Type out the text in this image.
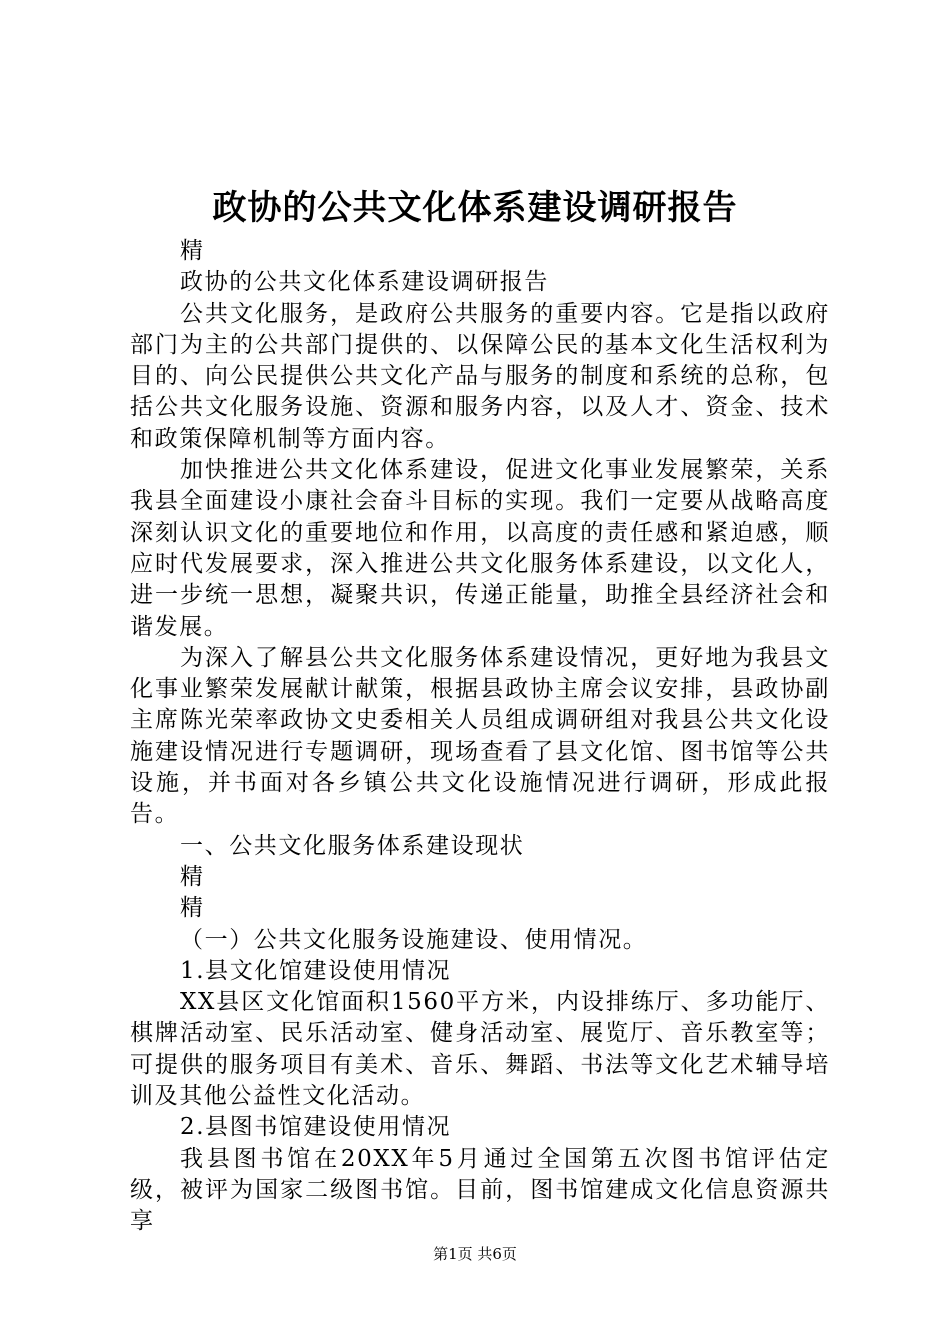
政协的公共文化体系建设调研报告

精

政协的公共文化体系建设调研报告

公共文化服务，是政府公共服务的重要内容。它是指以政府部门为主的公共部门提供的、以保障公民的基本文化生活权利为目的、向公民提供公共文化产品与服务的制度和系统的总称，包括公共文化服务设施、资源和服务内容，以及人才、资金、技术和政策保障机制等方面内容。

加快推进公共文化体系建设，促进文化事业发展繁荣，关系我县全面建设小康社会奋斗目标的实现。我们一定要从战略高度深刻认识文化的重要地位和作用，以高度的责任感和紧迫感，顺应时代发展要求，深入推进公共文化服务体系建设，以文化人，进一步统一思想，凝聚共识，传递正能量，助推全县经济社会和谐发展。

为深入了解县公共文化服务体系建设情况，更好地为我县文化事业繁荣发展献计献策，根据县政协主席会议安排，县政协副主席陈光荣率政协文史委相关人员组成调研组对我县公共文化设施建设情况进行专题调研，现场查看了县文化馆、图书馆等公共设施，并书面对各乡镇公共文化设施情况进行调研，形成此报告。

一、公共文化服务体系建设现状

精

精

（一）公共文化服务设施建设、使用情况。

1.县文化馆建设使用情况

XX县区文化馆面积1560平方米，内设排练厅、多功能厅、棋牌活动室、民乐活动室、健身活动室、展览厅、音乐教室等；可提供的服务项目有美术、音乐、舞蹈、书法等文化艺术辅导培训及其他公益性文化活动。

2.县图书馆建设使用情况

我县图书馆在20XX年5月通过全国第五次图书馆评估定级，被评为国家二级图书馆。目前，图书馆建成文化信息资源共享

第1页 共6页
